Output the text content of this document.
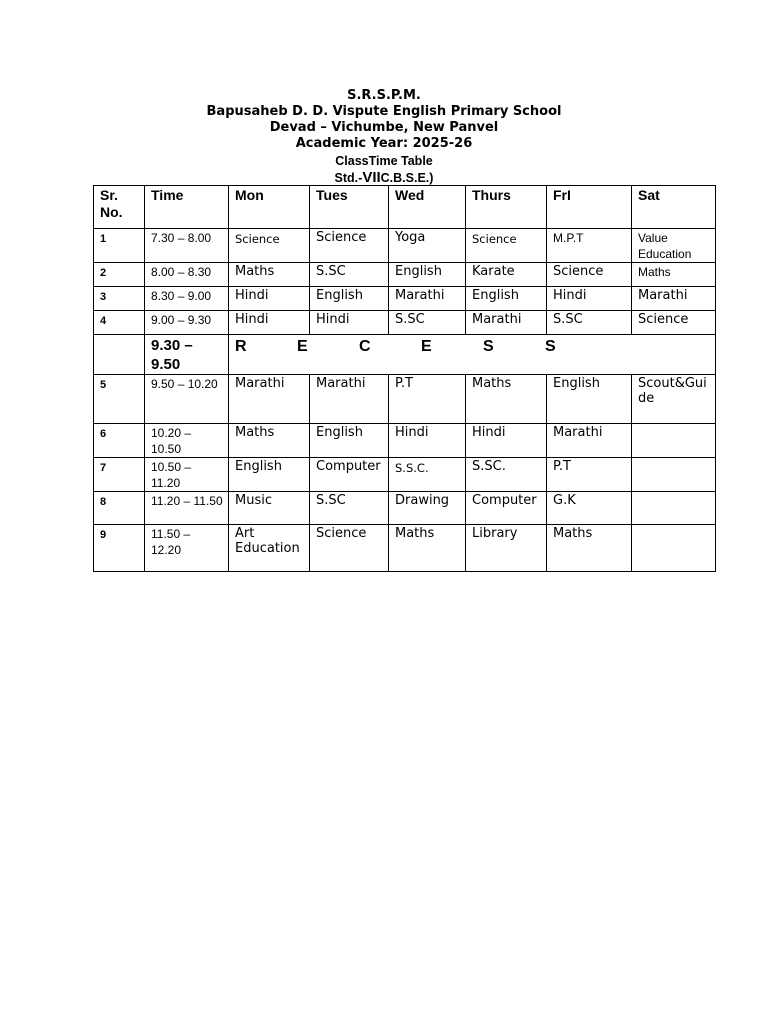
S.R.S.P.M.
Bapusaheb D. D. Vispute English Primary School
Devad – Vichumbe, New Panvel
Academic Year: 2025-26
ClassTime Table
Std.-VIIC.B.S.E.)
Sr. No.	Time	Mon	Tues	Wed	Thurs	FrI	Sat
1	7.30 – 8.00	Science	Science	Yoga	Science	M.P.T	Value Education
2	8.00 – 8.30	Maths	S.SC	English	Karate	Science	Maths
3	8.30 – 9.00	Hindi	English	Marathi	English	Hindi	Marathi
4	9.00 – 9.30	Hindi	Hindi	S.SC	Marathi	S.SC	Science
	9.30 – 9.50	R E C E S S					
5	9.50 – 10.20	Marathi	Marathi	P.T	Maths	English	Scout&Guide
6	10.20 – 10.50	Maths	English	Hindi	Hindi	Marathi	
7	10.50 – 11.20	English	Computer	S.S.C.	S.SC.	P.T	
8	11.20 – 11.50	Music	S.SC	Drawing	Computer	G.K	
9	11.50 – 12.20	Art Education	Science	Maths	Library	Maths	
